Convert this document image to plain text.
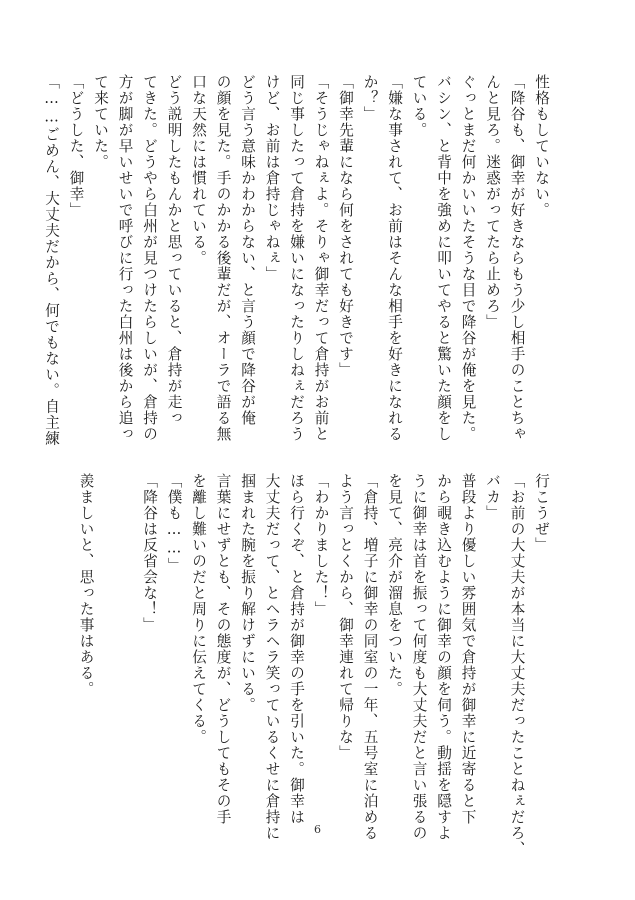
性格もしていない。
「降谷も、御幸が好きならもう少し相手のことちゃ
んと見ろ。迷惑がってたら止めろ」
ぐっとまだ何かいいたそうな目で降谷が俺を見た。
バシン、と背中を強めに叩いてやると驚いた顔をし
ている。
「嫌な事されて、お前はそんな相手を好きになれる
か？」
「御幸先輩になら何をされても好きです」
「そうじゃねぇよ。そりゃ御幸だって倉持がお前と
同じ事したって倉持を嫌いになったりしねぇだろう
けど、お前は倉持じゃねぇ」
どう言う意味かわからない、と言う顔で降谷が俺
の顔を見た。手のかかる後輩だが、オーラで語る無
口な天然には慣れている。
どう説明したもんかと思っていると、倉持が走っ
てきた。どうやら白州が見つけたらしいが、倉持の
方が脚が早いせいで呼びに行った白州は後から追っ
て来ていた。
「どうした、御幸」
「……ごめん、大丈夫だから、何でもない。自主練
行こうぜ」
「お前の大丈夫が本当に大丈夫だったことねぇだろ、
バカ」
普段より優しい雰囲気で倉持が御幸に近寄ると下
から覗き込むように御幸の顔を伺う。動揺を隠すよ
うに御幸は首を振って何度も大丈夫だと言い張るの
を見て、亮介が溜息をついた。
「倉持、増子に御幸の同室の一年、五号室に泊める
よう言っとくから、御幸連れて帰りな」
「わかりました！」
ほら行くぞ、と倉持が御幸の手を引いた。御幸は
大丈夫だって、とヘラヘラ笑っているくせに倉持に
掴まれた腕を振り解けずにいる。
言葉にせずとも、その態度が、どうしてもその手
を離し難いのだと周りに伝えてくる。
「僕も……」
「降谷は反省会な！」
羨ましいと、思った事はある。
6
